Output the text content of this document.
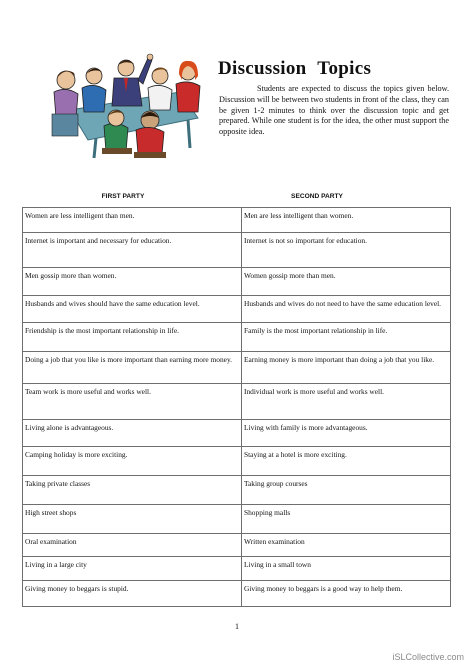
Discussion Topics
Students are expected to discuss the topics given below. Discussion will be between two students in front of the class, they can be given 1-2 minutes to think over the discussion topic and get prepared. While one student is for the idea, the other must support the opposite idea.
FIRST PARTY	SECOND PARTY
Women are less intelligent than men.	Men are less intelligent than women.
Internet is important and necessary for education.	Internet is not so important for education.
Men gossip more than women.	Women gossip more than men.
Husbands and wives should have the same education level.	Husbands and wives do not need to have the same education level.
Friendship is the most important relationship in life.	Family is the most important relationship in life.
Doing a job that you like is more important than earning more money.	Earning money is more important than doing a job that you like.
Team work is more useful and works well.	Individual work is more useful and works well.
Living alone is advantageous.	Living with family is more advantageous.
Camping holiday is more exciting.	Staying at a hotel is more exciting.
Taking private classes	Taking group courses
High street shops	Shopping malls
Oral examination	Written examination
Living in a large city	Living in a small town
Giving money to beggars is stupid.	Giving money to beggars is a good way to help them.
1
iSLCollective.com
